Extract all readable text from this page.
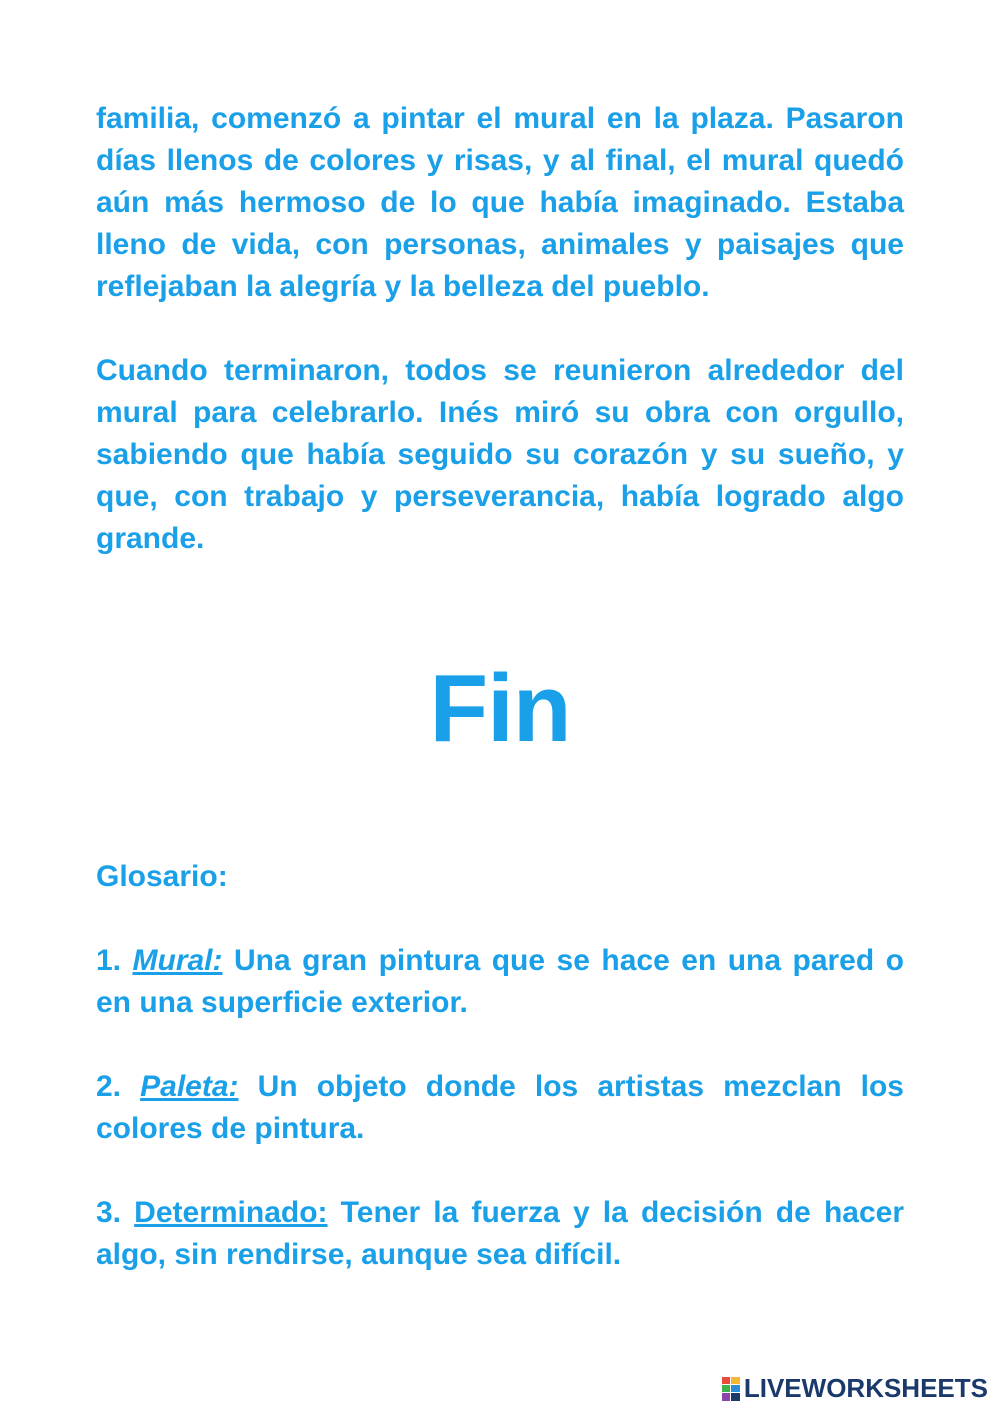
familia, comenzó a pintar el mural en la plaza. Pasaron días llenos de colores y risas, y al final, el mural quedó aún más hermoso de lo que había imaginado. Estaba lleno de vida, con personas, animales y paisajes que reflejaban la alegría y la belleza del pueblo.

Cuando terminaron, todos se reunieron alrededor del mural para celebrarlo. Inés miró su obra con orgullo, sabiendo que había seguido su corazón y su sueño, y que, con trabajo y perseverancia, había logrado algo grande.

Fin

Glosario:

1. Mural: Una gran pintura que se hace en una pared o en una superficie exterior.

2. Paleta: Un objeto donde los artistas mezclan los colores de pintura.

3. Determinado: Tener la fuerza y la decisión de hacer algo, sin rendirse, aunque sea difícil.

LIVEWORKSHEETS
